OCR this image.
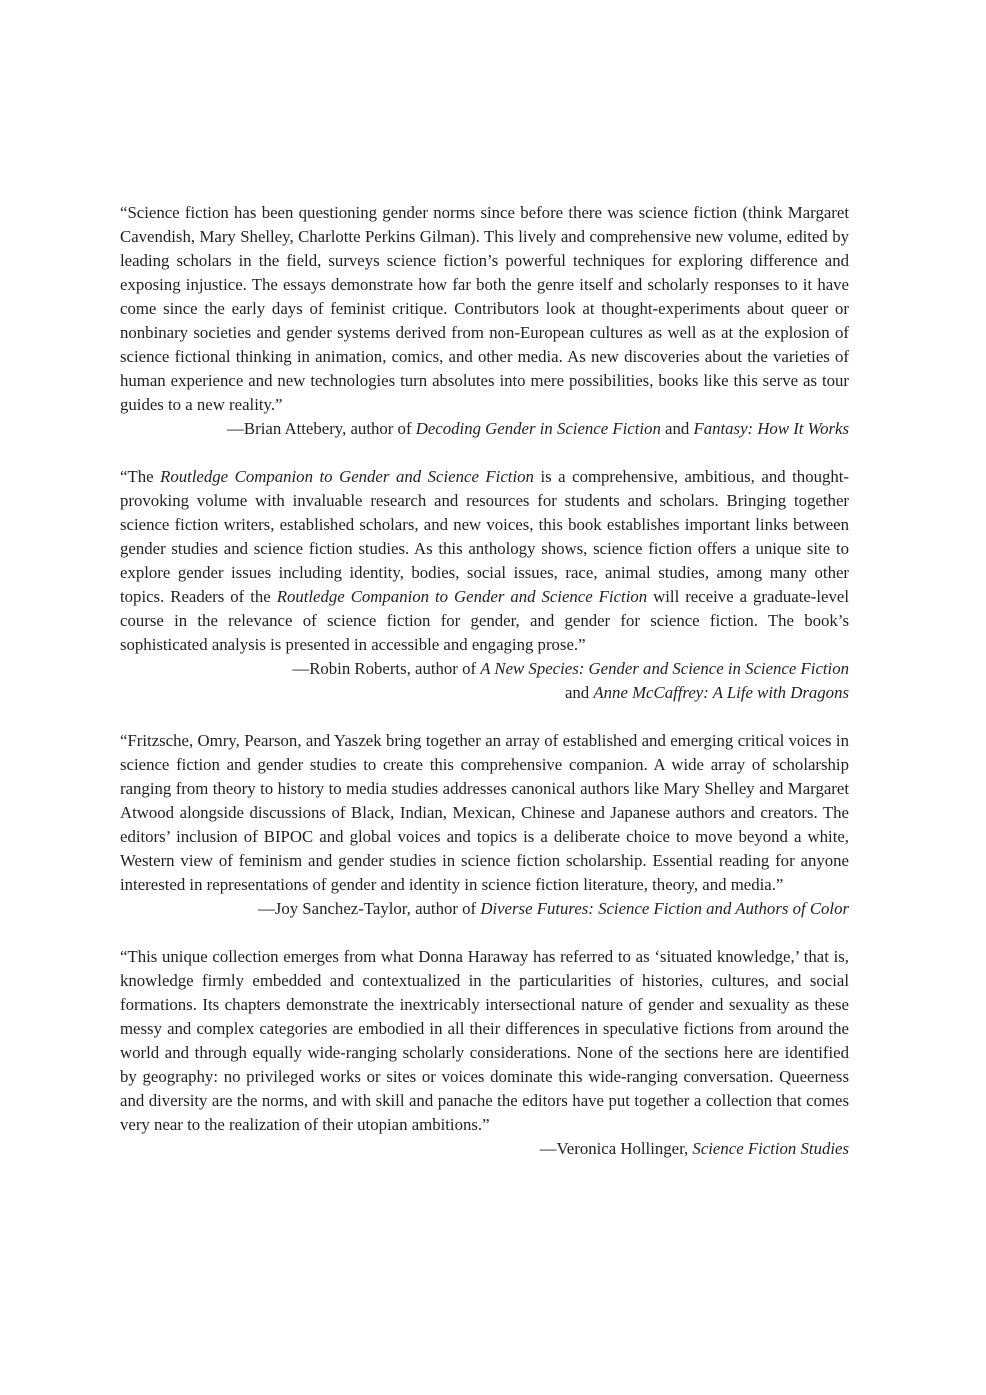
“Science fiction has been questioning gender norms since before there was science fiction (think Margaret Cavendish, Mary Shelley, Charlotte Perkins Gilman). This lively and comprehensive new volume, edited by leading scholars in the field, surveys science fiction’s powerful techniques for exploring difference and exposing injustice. The essays demonstrate how far both the genre itself and scholarly responses to it have come since the early days of feminist critique. Contributors look at thought-experiments about queer or nonbinary societies and gender systems derived from non-European cultures as well as at the explosion of science fictional thinking in animation, comics, and other media. As new discoveries about the varieties of human experience and new technologies turn absolutes into mere possibilities, books like this serve as tour guides to a new reality.”

—Brian Attebery, author of Decoding Gender in Science Fiction and Fantasy: How It Works

“The Routledge Companion to Gender and Science Fiction is a comprehensive, ambitious, and thought-provoking volume with invaluable research and resources for students and scholars. Bringing together science fiction writers, established scholars, and new voices, this book establishes important links between gender studies and science fiction studies. As this anthology shows, science fiction offers a unique site to explore gender issues including identity, bodies, social issues, race, animal studies, among many other topics. Readers of the Routledge Companion to Gender and Science Fiction will receive a graduate-level course in the relevance of science fiction for gender, and gender for science fiction. The book’s sophisticated analysis is presented in accessible and engaging prose.”

—Robin Roberts, author of A New Species: Gender and Science in Science Fiction

and Anne McCaffrey: A Life with Dragons

“Fritzsche, Omry, Pearson, and Yaszek bring together an array of established and emerging critical voices in science fiction and gender studies to create this comprehensive companion. A wide array of scholarship ranging from theory to history to media studies addresses canonical authors like Mary Shelley and Margaret Atwood alongside discussions of Black, Indian, Mexican, Chinese and Japanese authors and creators. The editors’ inclusion of BIPOC and global voices and topics is a deliberate choice to move beyond a white, Western view of feminism and gender studies in science fiction scholarship. Essential reading for anyone interested in representations of gender and identity in science fiction literature, theory, and media.”

—Joy Sanchez-Taylor, author of Diverse Futures: Science Fiction and Authors of Color

“This unique collection emerges from what Donna Haraway has referred to as ‘situated knowledge,’ that is, knowledge firmly embedded and contextualized in the particularities of histories, cultures, and social formations. Its chapters demonstrate the inextricably intersectional nature of gender and sexuality as these messy and complex categories are embodied in all their differences in speculative fictions from around the world and through equally wide-ranging scholarly considerations. None of the sections here are identified by geography: no privileged works or sites or voices dominate this wide-ranging conversation. Queerness and diversity are the norms, and with skill and panache the editors have put together a collection that comes very near to the realization of their utopian ambitions.”

—Veronica Hollinger, Science Fiction Studies
